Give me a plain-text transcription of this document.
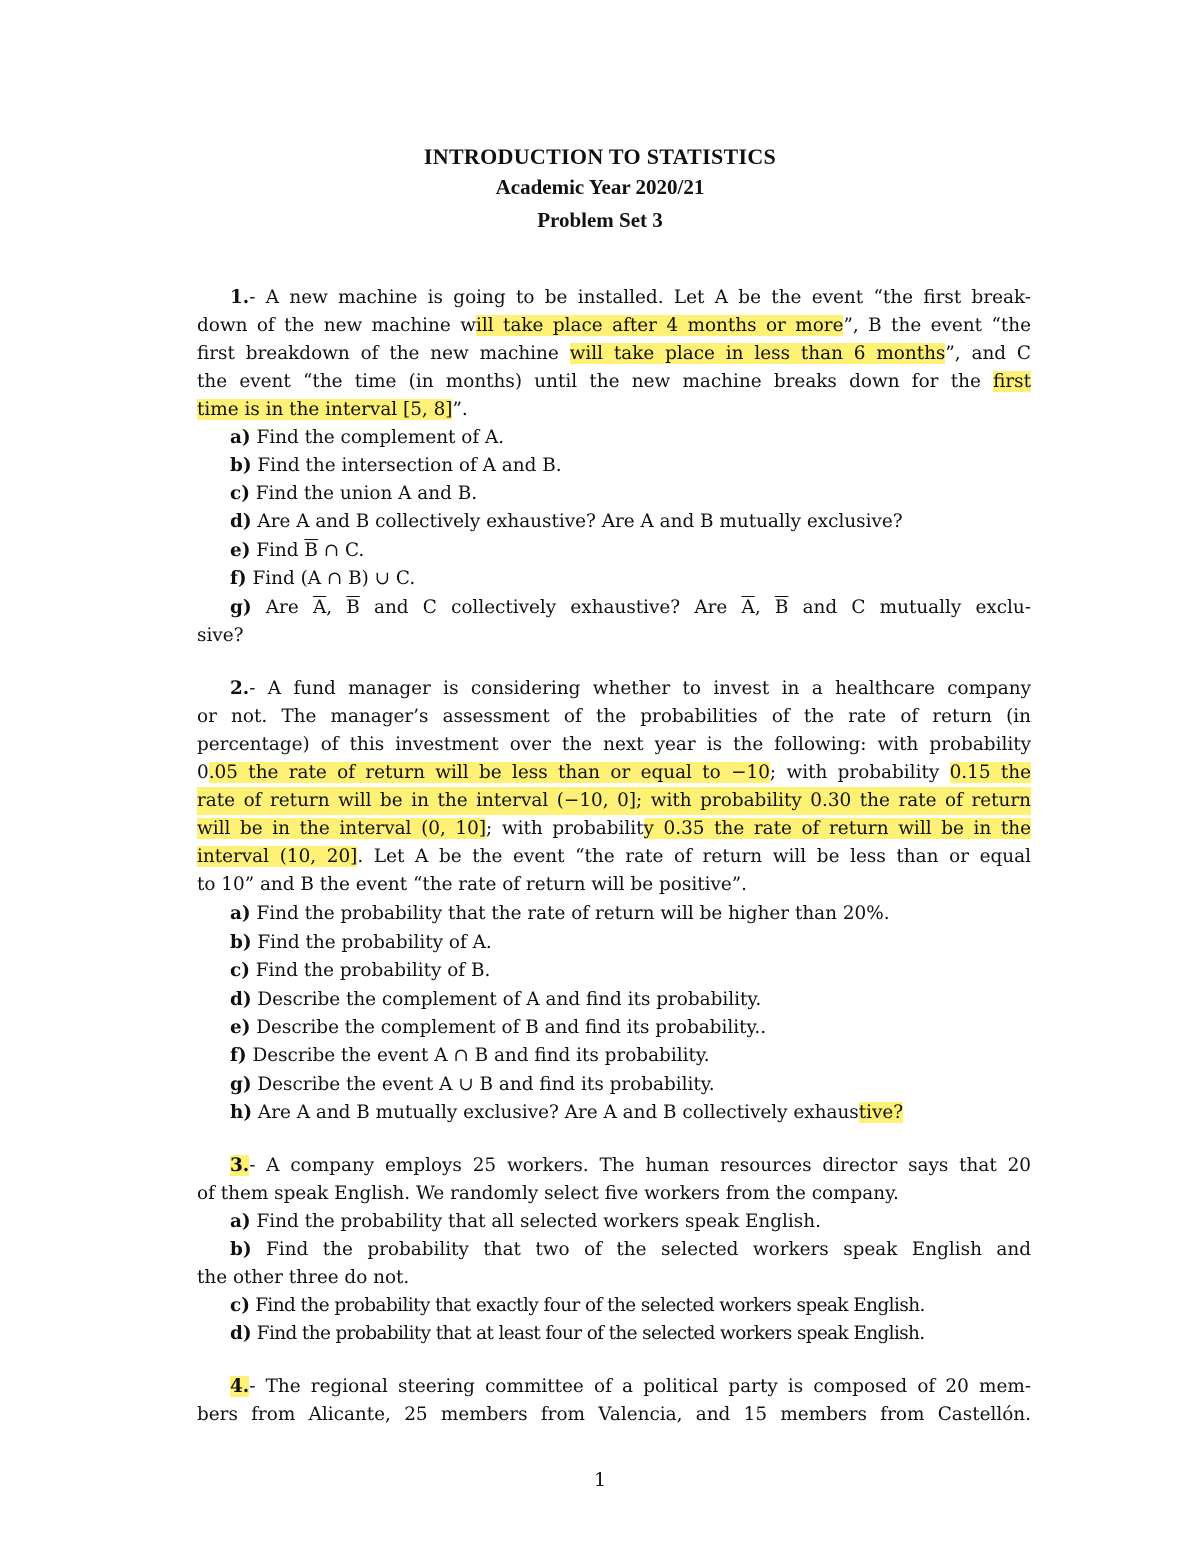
INTRODUCTION TO STATISTICS
Academic Year 2020/21
Problem Set 3
1.- A new machine is going to be installed. Let A be the event “the first break-
down of the new machine will take place after 4 months or more”, B the event “the
first breakdown of the new machine will take place in less than 6 months”, and C
the event “the time (in months) until the new machine breaks down for the first
time is in the interval [5, 8]”.
a) Find the complement of A.
b) Find the intersection of A and B.
c) Find the union A and B.
d) Are A and B collectively exhaustive? Are A and B mutually exclusive?
e) Find $\overline{B}$ ∩ C.
f) Find (A ∩ B) ∪ C.
g) Are $\overline{A}$, $\overline{B}$ and C collectively exhaustive? Are $\overline{A}$, $\overline{B}$ and C mutually exclu-
sive?
2.- A fund manager is considering whether to invest in a healthcare company
or not. The manager’s assessment of the probabilities of the rate of return (in
percentage) of this investment over the next year is the following: with probability
0.05 the rate of return will be less than or equal to −10; with probability 0.15 the
rate of return will be in the interval (−10, 0]; with probability 0.30 the rate of return
will be in the interval (0, 10]; with probability 0.35 the rate of return will be in the
interval (10, 20]. Let A be the event “the rate of return will be less than or equal
to 10” and B the event “the rate of return will be positive”.
a) Find the probability that the rate of return will be higher than 20%.
b) Find the probability of A.
c) Find the probability of B.
d) Describe the complement of A and find its probability.
e) Describe the complement of B and find its probability..
f) Describe the event A ∩ B and find its probability.
g) Describe the event A ∪ B and find its probability.
h) Are A and B mutually exclusive? Are A and B collectively exhaustive?
3.- A company employs 25 workers. The human resources director says that 20
of them speak English. We randomly select five workers from the company.
a) Find the probability that all selected workers speak English.
b) Find the probability that two of the selected workers speak English and
the other three do not.
c) Find the probability that exactly four of the selected workers speak English.
d) Find the probability that at least four of the selected workers speak English.
4.- The regional steering committee of a political party is composed of 20 mem-
bers from Alicante, 25 members from Valencia, and 15 members from Castellón.
1
